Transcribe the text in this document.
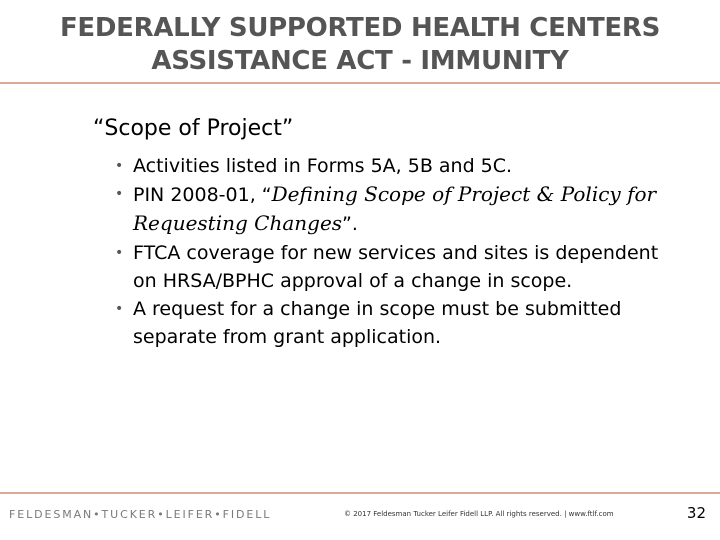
FEDERALLY SUPPORTED HEALTH CENTERS
ASSISTANCE ACT - IMMUNITY
“Scope of Project”
• Activities listed in Forms 5A, 5B and 5C.
• PIN 2008-01, “Defining Scope of Project & Policy for Requesting Changes”.
• FTCA coverage for new services and sites is dependent on HRSA/BPHC approval of a change in scope.
• A request for a change in scope must be submitted separate from grant application.
FELDESMAN•TUCKER•LEIFER•FIDELL	© 2017 Feldesman Tucker Leifer Fidell LLP. All rights reserved. | www.ftlf.com	32
